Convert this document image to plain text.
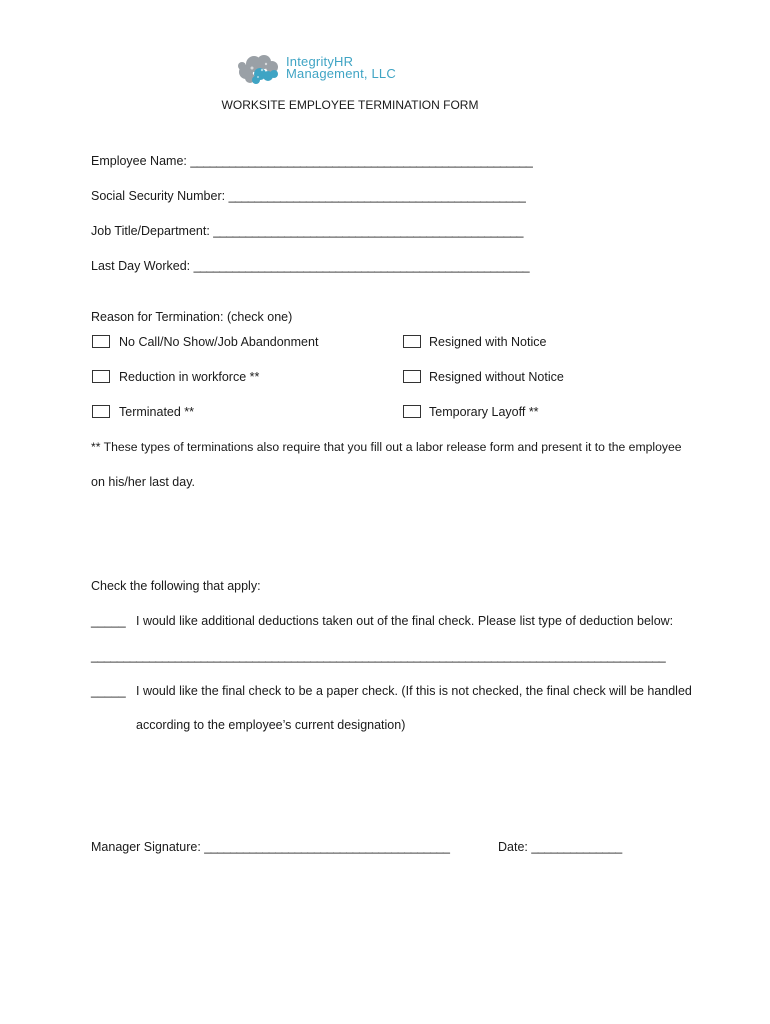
IntegrityHR
Management, LLC
WORKSITE EMPLOYEE TERMINATION FORM
Employee Name: _____________________________________________________
Social Security Number: ______________________________________________
Job Title/Department: ________________________________________________
Last Day Worked: ____________________________________________________
Reason for Termination: (check one)
No Call/No Show/Job Abandonment
Reduction in workforce **
Terminated **
Resigned with Notice
Resigned without Notice
Temporary Layoff **
** These types of terminations also require that you fill out a labor release form and present it to the employee
on his/her last day.
Check the following that apply:
_____ I would like additional deductions taken out of the final check. Please list type of deduction below:
_________________________________________________________________________________________
_____ I would like the final check to be a paper check. (If this is not checked, the final check will be handled
according to the employee’s current designation)
Manager Signature: ______________________________________	Date: ______________
